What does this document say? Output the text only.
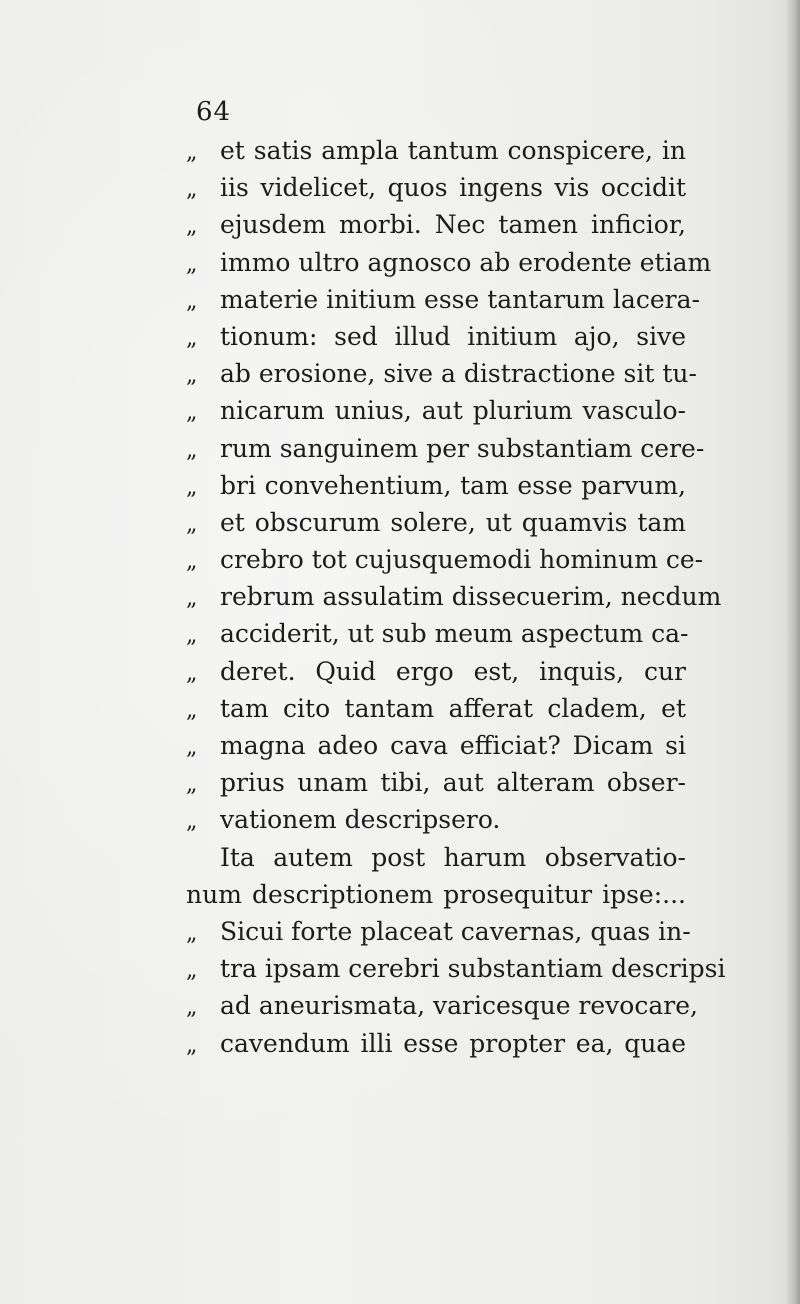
64
„ et satis ampla tantum conspicere, in
„ iis videlicet, quos ingens vis occidit
„ ejusdem morbi. Nec tamen inficior,
„ immo ultro agnosco ab erodente etiam
„ materie initium esse tantarum lacera-
„ tionum: sed illud initium ajo, sive
„ ab erosione, sive a distractione sit tu-
„ nicarum unius, aut plurium vasculo-
„ rum sanguinem per substantiam cere-
„ bri convehentium, tam esse parvum,
„ et obscurum solere, ut quamvis tam
„ crebro tot cujusquemodi hominum ce-
„ rebrum assulatim dissecuerim, necdum
„ acciderit, ut sub meum aspectum ca-
„ deret. Quid ergo est, inquis, cur
„ tam cito tantam afferat cladem, et
„ magna adeo cava efficiat? Dicam si
„ prius unam tibi, aut alteram obser-
„ vationem descripsero.
Ita autem post harum observatio-
num descriptionem prosequitur ipse:...
„ Sicui forte placeat cavernas, quas in-
„ tra ipsam cerebri substantiam descripsi
„ ad aneurismata, varicesque revocare,
„ cavendum illi esse propter ea, quae
